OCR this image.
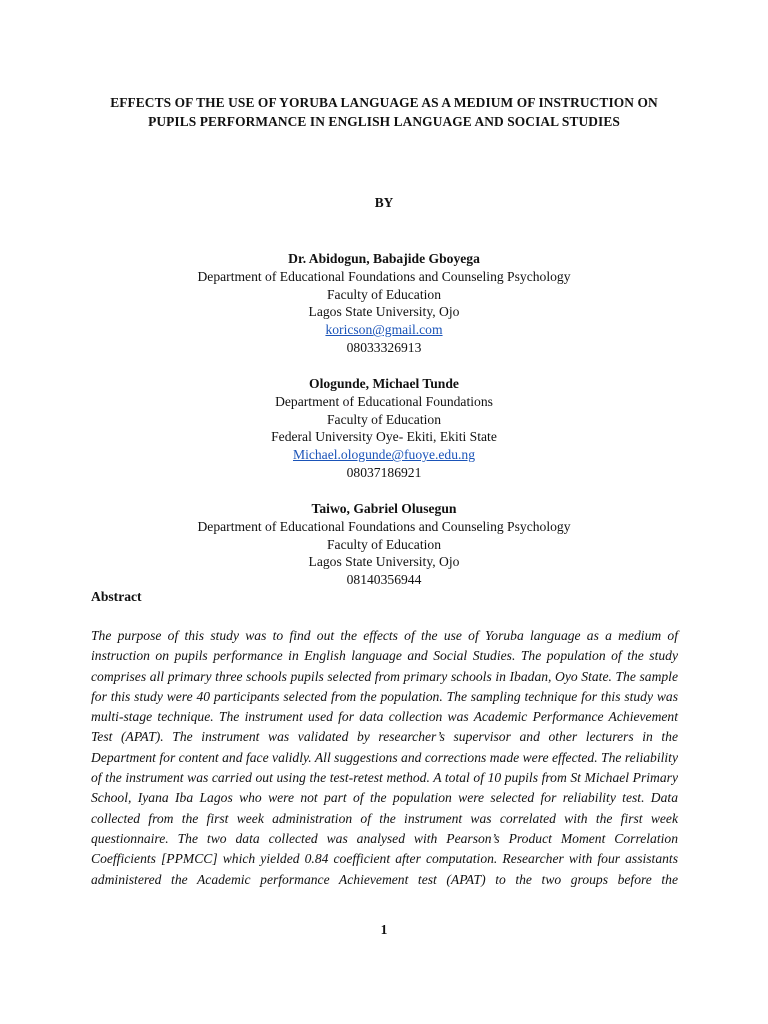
EFFECTS OF THE USE OF YORUBA LANGUAGE AS A MEDIUM OF INSTRUCTION ON PUPILS PERFORMANCE IN ENGLISH LANGUAGE AND SOCIAL STUDIES
BY
Dr. Abidogun, Babajide Gboyega
Department of Educational Foundations and Counseling Psychology
Faculty of Education
Lagos State University, Ojo
koricson@gmail.com
08033326913
Ologunde, Michael Tunde
Department of Educational Foundations
Faculty of Education
Federal University Oye- Ekiti, Ekiti State
Michael.ologunde@fuoye.edu.ng
08037186921
Taiwo, Gabriel Olusegun
Department of Educational Foundations and Counseling Psychology
Faculty of Education
Lagos State University, Ojo
08140356944
Abstract
The purpose of this study was to find out the effects of the use of Yoruba language as a medium of instruction on pupils performance in English language and Social Studies. The population of the study comprises all primary three schools pupils selected from primary schools in Ibadan, Oyo State. The sample for this study were 40 participants selected from the population. The sampling technique for this study was multi-stage technique. The instrument used for data collection was Academic Performance Achievement Test (APAT). The instrument was validated by researcher’s supervisor and other lecturers in the Department for content and face validly. All suggestions and corrections made were effected. The reliability of the instrument was carried out using the test-retest method. A total of 10 pupils from St Michael Primary School, Iyana Iba Lagos who were not part of the population were selected for reliability test. Data collected from the first week administration of the instrument was correlated with the first week questionnaire. The two data collected was analysed with Pearson’s Product Moment Correlation Coefficients [PPMCC] which yielded 0.84 coefficient after computation. Researcher with four assistants administered the Academic performance Achievement test (APAT) to the two groups before the
1
